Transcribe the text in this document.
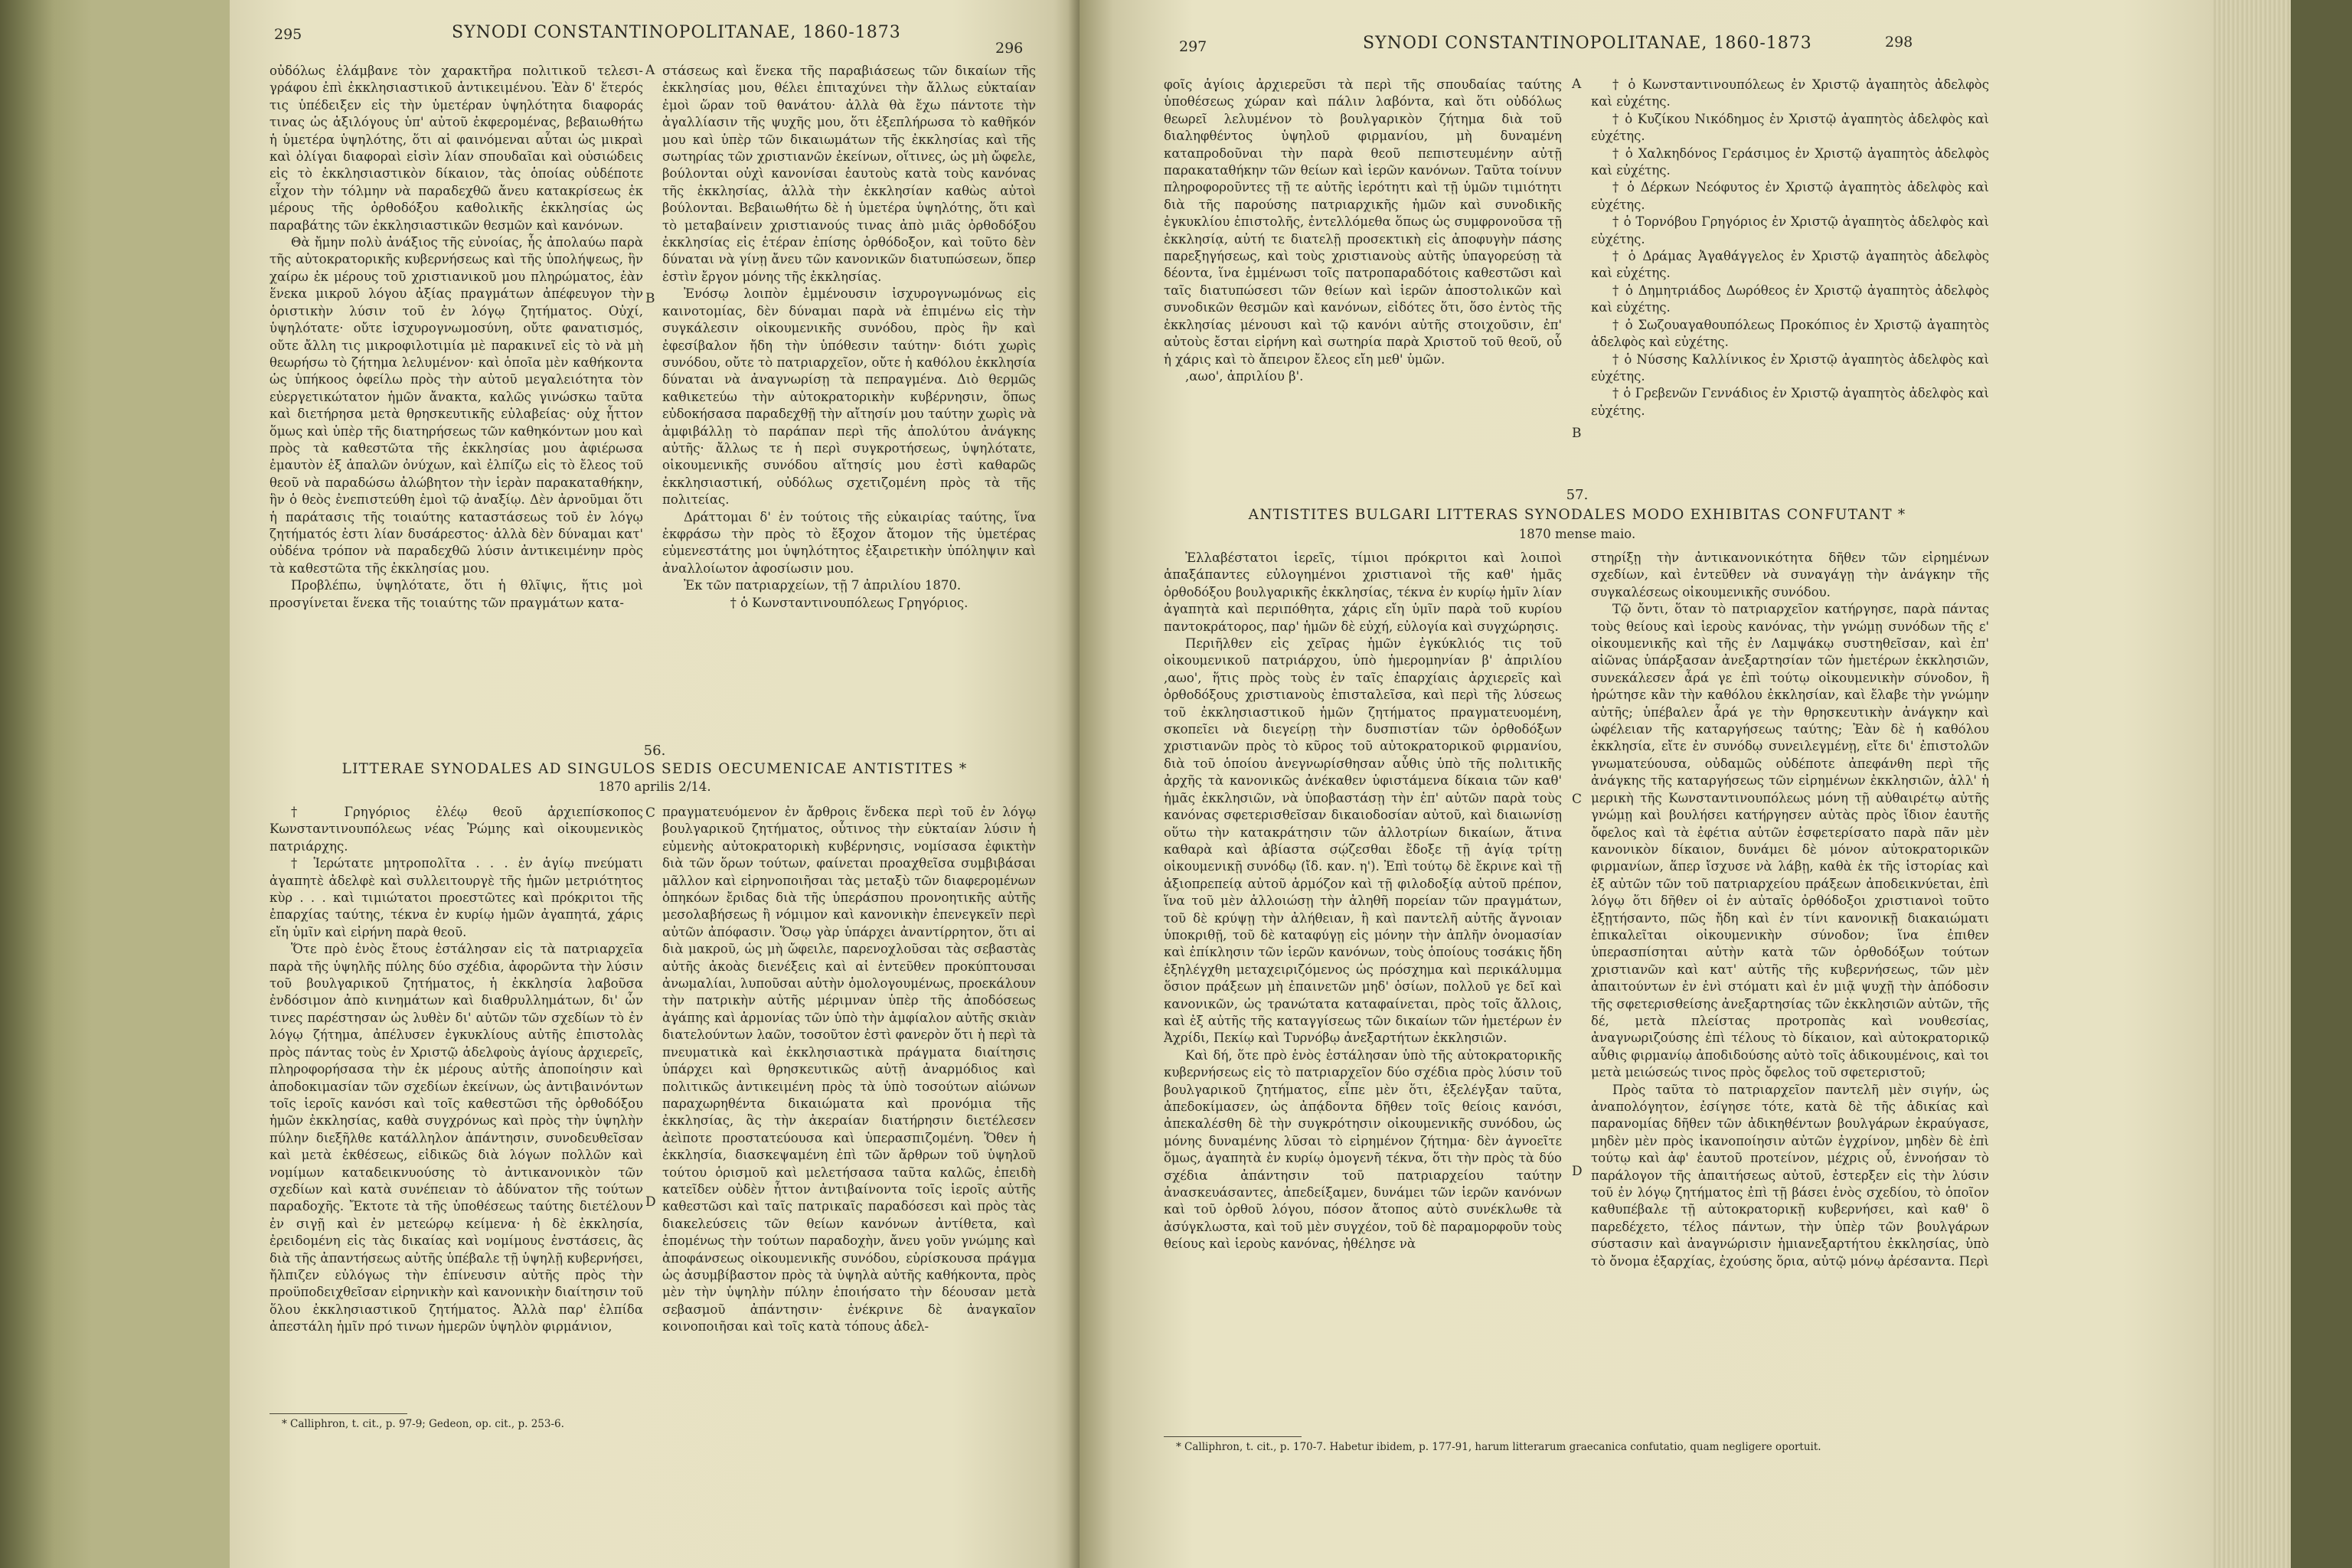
295	SYNODI CONSTANTINOPOLITANAE, 1860-1873
296

οὐδόλως ἐλάμβανε τὸν χαρακτῆρα πολιτικοῦ τελεσι-γράφου ἐπὶ ἐκκλησιαστικοῦ ἀντικειμένου. Ἐὰν δ' ἕτερός τις ὑπέδειξεν εἰς τὴν ὑμετέραν ὑψηλότητα διαφοράς τινας ὡς ἀξιλόγους ὑπ' αὐτοῦ ἐκφερομένας, βεβαιωθήτω ἡ ὑμετέρα ὑψηλότης, ὅτι αἱ φαινόμεναι αὗται ὡς μικραὶ καὶ ὀλίγαι διαφοραὶ εἰσὶν λίαν σπουδαῖαι καὶ οὐσιώδεις εἰς τὸ ἐκκλησιαστικὸν δίκαιον, τὰς ὁποίας οὐδέποτε εἶχον τὴν τόλμην νὰ παραδεχθῶ ἄνευ κατακρίσεως ἐκ μέρους τῆς ὀρθοδόξου καθολικῆς ἐκκλησίας ὡς παραβάτης τῶν ἐκκλησιαστικῶν θεσμῶν καὶ κανόνων.

Θὰ ἤμην πολὺ ἀνάξιος τῆς εὐνοίας, ἧς ἀπολαύω παρὰ τῆς αὐτοκρατορικῆς κυβερνήσεως καὶ τῆς ὑπολήψεως, ἣν χαίρω ἐκ μέρους τοῦ χριστιανικοῦ μου πληρώματος, ἐὰν ἕνεκα μικροῦ λόγου ἀξίας πραγμάτων ἀπέφευγον τὴν ὁριστικὴν λύσιν τοῦ ἐν λόγῳ ζητήματος. Οὐχί, ὑψηλότατε· οὔτε ἰσχυρογνωμοσύνη, οὔτε φανατισμός, οὔτε ἄλλη τις μικροφιλοτιμία μὲ παρακινεῖ εἰς τὸ νὰ μὴ θεωρήσω τὸ ζήτημα λελυμένον· καὶ ὁποῖα μὲν καθήκοντα ὡς ὑπήκοος ὀφείλω πρὸς τὴν αὐτοῦ μεγαλειότητα τὸν εὐεργετικώτατον ἡμῶν ἄνακτα, καλῶς γινώσκω ταῦτα καὶ διετήρησα μετὰ θρησκευτικῆς εὐλαβείας· οὐχ ἧττον ὅμως καὶ ὑπὲρ τῆς διατηρήσεως τῶν καθηκόντων μου καὶ πρὸς τὰ καθεστῶτα τῆς ἐκκλησίας μου ἀφιέρωσα ἐμαυτὸν ἐξ ἁπαλῶν ὀνύχων, καὶ ἐλπίζω εἰς τὸ ἔλεος τοῦ θεοῦ νὰ παραδώσω ἀλώβητον τὴν ἱερὰν παρακαταθήκην, ἣν ὁ θεὸς ἐνεπιστεύθη ἐμοὶ τῷ ἀναξίῳ. Δὲν ἀρνοῦμαι ὅτι ἡ παράτασις τῆς τοιαύτης καταστάσεως τοῦ ἐν λόγῳ ζητήματός ἐστι λίαν δυσάρεστος· ἀλλὰ δὲν δύναμαι κατ' οὐδένα τρόπον νὰ παραδεχθῶ λύσιν ἀντικειμένην πρὸς τὰ καθεστῶτα τῆς ἐκκλησίας μου.

Προβλέπω, ὑψηλότατε, ὅτι ἡ θλῖψις, ἥτις μοὶ προσγίνεται ἕνεκα τῆς τοιαύτης τῶν πραγμάτων κατα-

A
B

στάσεως καὶ ἕνεκα τῆς παραβιάσεως τῶν δικαίων τῆς ἐκκλησίας μου, θέλει ἐπιταχύνει τὴν ἄλλως εὐκταίαν ἐμοὶ ὥραν τοῦ θανάτου· ἀλλὰ θὰ ἔχω πάντοτε τὴν ἀγαλλίασιν τῆς ψυχῆς μου, ὅτι ἐξεπλήρωσα τὸ καθῆκόν μου καὶ ὑπὲρ τῶν δικαιωμάτων τῆς ἐκκλησίας καὶ τῆς σωτηρίας τῶν χριστιανῶν ἐκείνων, οἵτινες, ὡς μὴ ὤφελε, βούλονται οὐχὶ κανονίσαι ἑαυτοὺς κατὰ τοὺς κανόνας τῆς ἐκκλησίας, ἀλλὰ τὴν ἐκκλησίαν καθὼς αὐτοὶ βούλονται. Βεβαιωθήτω δὲ ἡ ὑμετέρα ὑψηλότης, ὅτι καὶ τὸ μεταβαίνειν χριστιανούς τινας ἀπὸ μιᾶς ὀρθοδόξου ἐκκλησίας εἰς ἑτέραν ἐπίσης ὀρθόδοξον, καὶ τοῦτο δὲν δύναται νὰ γίνῃ ἄνευ τῶν κανονικῶν διατυπώσεων, ὅπερ ἐστὶν ἔργον μόνης τῆς ἐκκλησίας.

Ἐνόσῳ λοιπὸν ἐμμένουσιν ἰσχυρογνωμόνως εἰς καινοτομίας, δὲν δύναμαι παρὰ νὰ ἐπιμένω εἰς τὴν συγκάλεσιν οἰκουμενικῆς συνόδου, πρὸς ἣν καὶ ἐφεσίβαλον ἤδη τὴν ὑπόθεσιν ταύτην· διότι χωρὶς συνόδου, οὔτε τὸ πατριαρχεῖον, οὔτε ἡ καθόλου ἐκκλησία δύναται νὰ ἀναγνωρίσῃ τὰ πεπραγμένα. Διὸ θερμῶς καθικετεύω τὴν αὐτοκρατορικὴν κυβέρνησιν, ὅπως εὐδοκήσασα παραδεχθῇ τὴν αἴτησίν μου ταύτην χωρὶς νὰ ἀμφιβάλλῃ τὸ παράπαν περὶ τῆς ἀπολύτου ἀνάγκης αὐτῆς· ἄλλως τε ἡ περὶ συγκροτήσεως, ὑψηλότατε, οἰκουμενικῆς συνόδου αἴτησίς μου ἐστὶ καθαρῶς ἐκκλησιαστική, οὐδόλως σχετιζομένη πρὸς τὰ τῆς πολιτείας.

Δράττομαι δ' ἐν τούτοις τῆς εὐκαιρίας ταύτης, ἵνα ἐκφράσω τὴν πρὸς τὸ ἔξοχον ἄτομον τῆς ὑμετέρας εὐμενεστάτης μοι ὑψηλότητος ἐξαιρετικὴν ὑπόληψιν καὶ ἀναλλοίωτον ἀφοσίωσιν μου.

Ἐκ τῶν πατριαρχείων, τῇ 7 ἀπριλίου 1870.

† ὁ Κωνσταντινουπόλεως Γρηγόριος.

56.
LITTERAE SYNODALES AD SINGULOS SEDIS OECUMENICAE ANTISTITES *
1870 aprilis 2/14.

† Γρηγόριος ἐλέῳ θεοῦ ἀρχιεπίσκοπος Κωνσταντινουπόλεως νέας Ῥώμης καὶ οἰκουμενικὸς πατριάρχης.

† Ἱερώτατε μητροπολῖτα . . . ἐν ἁγίῳ πνεύματι ἀγαπητὲ ἀδελφὲ καὶ συλλειτουργὲ τῆς ἡμῶν μετριότητος κὺρ . . . καὶ τιμιώτατοι προεστῶτες καὶ πρόκριτοι τῆς ἐπαρχίας ταύτης, τέκνα ἐν κυρίῳ ἡμῶν ἀγαπητά, χάρις εἴη ὑμῖν καὶ εἰρήνη παρὰ θεοῦ.

Ὅτε πρὸ ἑνὸς ἔτους ἐστάλησαν εἰς τὰ πατριαρχεῖα παρὰ τῆς ὑψηλῆς πύλης δύο σχέδια, ἀφορῶντα τὴν λύσιν τοῦ βουλγαρικοῦ ζητήματος, ἡ ἐκκλησία λαβοῦσα ἐνδόσιμον ἀπὸ κινημάτων καὶ διαθρυλλημάτων, δι' ὧν τινες παρέστησαν ὡς λυθὲν δι' αὐτῶν τῶν σχεδίων τὸ ἐν λόγῳ ζήτημα, ἀπέλυσεν ἐγκυκλίους αὐτῆς ἐπιστολὰς πρὸς πάντας τοὺς ἐν Χριστῷ ἀδελφοὺς ἁγίους ἀρχιερεῖς, πληροφορήσασα τὴν ἐκ μέρους αὐτῆς ἀποποίησιν καὶ ἀποδοκιμασίαν τῶν σχεδίων ἐκείνων, ὡς ἀντιβαινόντων τοῖς ἱεροῖς κανόσι καὶ τοῖς καθεστῶσι τῆς ὀρθοδόξου ἡμῶν ἐκκλησίας, καθὰ συγχρόνως καὶ πρὸς τὴν ὑψηλὴν πύλην διεξῆλθε κατάλληλον ἀπάντησιν, συνοδευθεῖσαν καὶ μετὰ ἐκθέσεως, εἰδικῶς διὰ λόγων πολλῶν καὶ νομίμων καταδεικνυούσης τὸ ἀντικανονικὸν τῶν σχεδίων καὶ κατὰ συνέπειαν τὸ ἀδύνατον τῆς τούτων παραδοχῆς. Ἔκτοτε τὰ τῆς ὑποθέσεως ταύτης διετέλουν ἐν σιγῇ καὶ ἐν μετεώρῳ κείμενα· ἡ δὲ ἐκκλησία, ἐρειδομένη εἰς τὰς δικαίας καὶ νομίμους ἐνστάσεις, ἃς διὰ τῆς ἀπαντήσεως αὐτῆς ὑπέβαλε τῇ ὑψηλῇ κυβερνήσει, ἤλπιζεν εὐλόγως τὴν ἐπίνευσιν αὐτῆς πρὸς τὴν προϋποδειχθεῖσαν εἰρηνικὴν καὶ κανονικὴν διαίτησιν τοῦ ὅλου ἐκκλησιαστικοῦ ζητήματος. Ἀλλὰ παρ' ἐλπίδα ἀπεστάλη ἡμῖν πρό τινων ἡμερῶν ὑψηλὸν φιρμάνιον,

C
D

πραγματευόμενον ἐν ἄρθροις ἕνδεκα περὶ τοῦ ἐν λόγῳ βουλγαρικοῦ ζητήματος, οὗτινος τὴν εὐκταίαν λύσιν ἡ εὐμενὴς αὐτοκρατορικὴ κυβέρνησις, νομίσασα ἐφικτὴν διὰ τῶν ὅρων τούτων, φαίνεται προαχθεῖσα συμβιβάσαι μᾶλλον καὶ εἰρηνοποιῆσαι τὰς μεταξὺ τῶν διαφερομένων ὁπηκόων ἔριδας διὰ τῆς ὑπεράσπου προνοητικῆς αὐτῆς μεσολαβήσεως ἢ νόμιμον καὶ κανονικὴν ἐπενεγκεῖν περὶ αὐτῶν ἀπόφασιν. Ὅσῳ γὰρ ὑπάρχει ἀναντίρρητον, ὅτι αἱ διὰ μακροῦ, ὡς μὴ ὤφειλε, παρενοχλοῦσαι τὰς σεβαστὰς αὐτῆς ἀκοὰς διενέξεις καὶ αἱ ἐντεῦθεν προκύπτουσαι ἀνωμαλίαι, λυποῦσαι αὐτὴν ὁμολογουμένως, προεκάλουν τὴν πατρικὴν αὐτῆς μέριμναν ὑπὲρ τῆς ἀποδόσεως ἀγάπης καὶ ἁρμονίας τῶν ὑπὸ τὴν ἀμφίαλον αὐτῆς σκιὰν διατελούντων λαῶν, τοσοῦτον ἐστὶ φανερὸν ὅτι ἡ περὶ τὰ πνευματικὰ καὶ ἐκκλησιαστικὰ πράγματα διαίτησις ὑπάρχει καὶ θρησκευτικῶς αὐτῇ ἀναρμόδιος καὶ πολιτικῶς ἀντικειμένη πρὸς τὰ ὑπὸ τοσούτων αἰώνων παραχωρηθέντα δικαιώματα καὶ προνόμια τῆς ἐκκλησίας, ἃς τὴν ἀκεραίαν διατήρησιν διετέλεσεν ἀεὶποτε προστατεύουσα καὶ ὑπερασπιζομένη. Ὅθεν ἡ ἐκκλησία, διασκεψαμένη ἐπὶ τῶν ἄρθρων τοῦ ὑψηλοῦ τούτου ὁρισμοῦ καὶ μελετήσασα ταῦτα καλῶς, ἐπειδὴ κατεῖδεν οὐδὲν ἧττον ἀντιβαίνοντα τοῖς ἱεροῖς αὐτῆς καθεστῶσι καὶ ταῖς πατρικαῖς παραδόσεσι καὶ πρὸς τὰς διακελεύσεις τῶν θείων κανόνων ἀντίθετα, καὶ ἑπομένως τὴν τούτων παραδοχὴν, ἄνευ γοῦν γνώμης καὶ ἀποφάνσεως οἰκουμενικῆς συνόδου, εὑρίσκουσα πράγμα ὡς ἀσυμβίβαστον πρὸς τὰ ὑψηλὰ αὐτῆς καθήκοντα, πρὸς μὲν τὴν ὑψηλὴν πύλην ἐποιήσατο τὴν δέουσαν μετὰ σεβασμοῦ ἀπάντησιν· ἐνέκρινε δὲ ἀναγκαῖον κοινοποιῆσαι καὶ τοῖς κατὰ τόπους ἀδελ-

* Calliphron, t. cit., p. 97-9; Gedeon, op. cit., p. 253-6.
297	SYNODI CONSTANTINOPOLITANAE, 1860-1873	298

φοῖς ἁγίοις ἀρχιερεῦσι τὰ περὶ τῆς σπουδαίας ταύτης ὑποθέσεως χώραν καὶ πάλιν λαβόντα, καὶ ὅτι οὐδόλως θεωρεῖ λελυμένον τὸ βουλγαρικὸν ζήτημα διὰ τοῦ διαληφθέντος ὑψηλοῦ φιρμανίου, μὴ δυναμένη καταπροδοῦναι τὴν παρὰ θεοῦ πεπιστευμένην αὐτῇ παρακαταθήκην τῶν θείων καὶ ἱερῶν κανόνων. Ταῦτα τοίνυν πληροφοροῦντες τῇ τε αὐτῆς ἱερότητι καὶ τῇ ὑμῶν τιμιότητι διὰ τῆς παρούσης πατριαρχικῆς ἡμῶν καὶ συνοδικῆς ἐγκυκλίου ἐπιστολῆς, ἐντελλόμεθα ὅπως ὡς συμφρονοῦσα τῇ ἐκκλησίᾳ, αὐτή τε διατελῇ προσεκτικὴ εἰς ἀποφυγὴν πάσης παρεξηγήσεως, καὶ τοὺς χριστιανοὺς αὐτῆς ὑπαγορεύσῃ τὰ δέοντα, ἵνα ἐμμένωσι τοῖς πατροπαραδότοις καθεστῶσι καὶ ταῖς διατυπώσεσι τῶν θείων καὶ ἱερῶν ἀποστολικῶν καὶ συνοδικῶν θεσμῶν καὶ κανόνων, εἰδότες ὅτι, ὅσο ἐντὸς τῆς ἐκκλησίας μένουσι καὶ τῷ κανόνι αὐτῆς στοιχοῦσιν, ἐπ' αὐτοὺς ἔσται εἰρήνη καὶ σωτηρία παρὰ Χριστοῦ τοῦ θεοῦ, οὗ ἡ χάρις καὶ τὸ ἄπειρον ἔλεος εἴη μεθ' ὑμῶν.

,αωο', ἀπριλίου β'.

A
B

† ὁ Κωνσταντινουπόλεως ἐν Χριστῷ ἀγαπητὸς ἀδελφὸς καὶ εὐχέτης.

† ὁ Κυζίκου Νικόδημος ἐν Χριστῷ ἀγαπητὸς ἀδελφὸς καὶ εὐχέτης.

† ὁ Χαλκηδόνος Γεράσιμος ἐν Χριστῷ ἀγαπητὸς ἀδελφὸς καὶ εὐχέτης.

† ὁ Δέρκων Νεόφυτος ἐν Χριστῷ ἀγαπητὸς ἀδελφὸς καὶ εὐχέτης.

† ὁ Τορνόβου Γρηγόριος ἐν Χριστῷ ἀγαπητὸς ἀδελφὸς καὶ εὐχέτης.

† ὁ Δράμας Ἀγαθάγγελος ἐν Χριστῷ ἀγαπητὸς ἀδελφὸς καὶ εὐχέτης.

† ὁ Δημητριάδος Δωρόθεος ἐν Χριστῷ ἀγαπητὸς ἀδελφὸς καὶ εὐχέτης.

† ὁ Σωζουαγαθουπόλεως Προκόπιος ἐν Χριστῷ ἀγαπητὸς ἀδελφὸς καὶ εὐχέτης.

† ὁ Νύσσης Καλλίνικος ἐν Χριστῷ ἀγαπητὸς ἀδελφὸς καὶ εὐχέτης.

† ὁ Γρεβενῶν Γεννάδιος ἐν Χριστῷ ἀγαπητὸς ἀδελφὸς καὶ εὐχέτης.

57.
ANTISTITES BULGARI LITTERAS SYNODALES MODO EXHIBITAS CONFUTANT *
1870 mense maio.

Ἐλλαβέστατοι ἱερεῖς, τίμιοι πρόκριτοι καὶ λοιποὶ ἁπαξάπαντες εὐλογημένοι χριστιανοὶ τῆς καθ' ἡμᾶς ὀρθοδόξου βουλγαρικῆς ἐκκλησίας, τέκνα ἐν κυρίῳ ἡμῖν λίαν ἀγαπητὰ καὶ περιπόθητα, χάρις εἴη ὑμῖν παρὰ τοῦ κυρίου παντοκράτορος, παρ' ἡμῶν δὲ εὐχή, εὐλογία καὶ συγχώρησις.

Περιῆλθεν εἰς χεῖρας ἡμῶν ἐγκύκλιός τις τοῦ οἰκουμενικοῦ πατριάρχου, ὑπὸ ἡμερομηνίαν β' ἀπριλίου ,αωο', ἥτις πρὸς τοὺς ἐν ταῖς ἐπαρχίαις ἀρχιερεῖς καὶ ὀρθοδόξους χριστιανοὺς ἐπισταλεῖσα, καὶ περὶ τῆς λύσεως τοῦ ἐκκλησιαστικοῦ ἡμῶν ζητήματος πραγματευομένη, σκοπεῖει νὰ διεγείρῃ τὴν δυσπιστίαν τῶν ὀρθοδόξων χριστιανῶν πρὸς τὸ κῦρος τοῦ αὐτοκρατορικοῦ φιρμανίου, διὰ τοῦ ὁποίου ἀνεγνωρίσθησαν αὖθις ὑπὸ τῆς πολιτικῆς ἀρχῆς τὰ κανονικῶς ἀνέκαθεν ὑφιστάμενα δίκαια τῶν καθ' ἡμᾶς ἐκκλησιῶν, νὰ ὑποβαστάσῃ τὴν ἐπ' αὐτῶν παρὰ τοὺς κανόνας σφετερισθεῖσαν δικαιοδοσίαν αὐτοῦ, καὶ διαιωνίσῃ οὕτω τὴν κατακράτησιν τῶν ἀλλοτρίων δικαίων, ἅτινα καθαρὰ καὶ ἀβίαστα σῴζεσθαι ἔδοξε τῇ ἁγίᾳ τρίτῃ οἰκουμενικῇ συνόδῳ (ἴδ. καν. η'). Ἐπὶ τούτῳ δὲ ἔκρινε καὶ τῇ ἀξιοπρεπείᾳ αὐτοῦ ἁρμόζον καὶ τῇ φιλοδοξίᾳ αὐτοῦ πρέπον, ἵνα τοῦ μὲν ἀλλοιώσῃ τὴν ἀληθῆ πορείαν τῶν πραγμάτων, τοῦ δὲ κρύψῃ τὴν ἀλήθειαν, ἢ καὶ παντελῆ αὐτῆς ἄγνοιαν ὑποκριθῇ, τοῦ δὲ καταφύγῃ εἰς μόνην τὴν ἀπλῆν ὀνομασίαν καὶ ἐπίκλησιν τῶν ἱερῶν κανόνων, τοὺς ὁποίους τοσάκις ἤδη ἐξηλέγχθη μεταχειριζόμενος ὡς πρόσχημα καὶ περικάλυμμα ὅσιον πράξεων μὴ ἐπαινετῶν μηδ' ὁσίων, πολλοῦ γε δεῖ καὶ κανονικῶν, ὡς τρανώτατα καταφαίνεται, πρὸς τοῖς ἄλλοις, καὶ ἐξ αὐτῆς τῆς καταγγίσεως τῶν δικαίων τῶν ἡμετέρων ἐν Ἀχρίδι, Πεκίῳ καὶ Τυρνόβῳ ἀνεξαρτήτων ἐκκλησιῶν.

Καὶ δή, ὅτε πρὸ ἑνὸς ἐστάλησαν ὑπὸ τῆς αὐτοκρατορικῆς κυβερνήσεως εἰς τὸ πατριαρχεῖον δύο σχέδια πρὸς λύσιν τοῦ βουλγαρικοῦ ζητήματος, εἶπε μὲν ὅτι, ἐξελέγξαν ταῦτα, ἀπεδοκίμασεν, ὡς ἀπᾴδοντα δῆθεν τοῖς θείοις κανόσι, ἀπεκαλέσθη δὲ τὴν συγκρότησιν οἰκουμενικῆς συνόδου, ὡς μόνης δυναμένης λῦσαι τὸ εἰρημένον ζήτημα· δὲν ἀγνοεῖτε ὅμως, ἀγαπητὰ ἐν κυρίῳ ὁμογενῆ τέκνα, ὅτι τὴν πρὸς τὰ δύο σχέδια ἀπάντησιν τοῦ πατριαρχείου ταύτην ἀνασκευάσαντες, ἀπεδείξαμεν, δυνάμει τῶν ἱερῶν κανόνων καὶ τοῦ ὀρθοῦ λόγου, πόσον ἄτοπος αὐτὸ συνέκλωθε τὰ ἀσύγκλωστα, καὶ τοῦ μὲν συγχέον, τοῦ δὲ παραμορφοῦν τοὺς θείους καὶ ἱεροὺς κανόνας, ἠθέλησε νὰ

C
D

στηρίξῃ τὴν ἀντικανονικότητα δῆθεν τῶν εἰρημένων σχεδίων, καὶ ἐντεῦθεν νὰ συναγάγῃ τὴν ἀνάγκην τῆς συγκαλέσεως οἰκουμενικῆς συνόδου.

Τῷ ὄντι, ὅταν τὸ πατριαρχεῖον κατήργησε, παρὰ πάντας τοὺς θείους καὶ ἱεροὺς κανόνας, τὴν γνώμῃ συνόδων τῆς ε' οἰκουμενικῆς καὶ τῆς ἐν Λαμψάκῳ συστηθεῖσαν, καὶ ἐπ' αἰῶνας ὑπάρξασαν ἀνεξαρτησίαν τῶν ἡμετέρων ἐκκλησιῶν, συνεκάλεσεν ἆρά γε ἐπὶ τούτῳ οἰκουμενικὴν σύνοδον, ἢ ἠρώτησε κἂν τὴν καθόλου ἐκκλησίαν, καὶ ἔλαβε τὴν γνώμην αὐτῆς; ὑπέβαλεν ἆρά γε τὴν θρησκευτικὴν ἀνάγκην καὶ ὠφέλειαν τῆς καταργήσεως ταύτης; Ἐὰν δὲ ἡ καθόλου ἐκκλησία, εἴτε ἐν συνόδῳ συνειλεγμένῃ, εἴτε δι' ἐπιστολῶν γνωματεύουσα, οὐδαμῶς οὐδέποτε ἀπεφάνθη περὶ τῆς ἀνάγκης τῆς καταργήσεως τῶν εἰρημένων ἐκκλησιῶν, ἀλλ' ἡ μερικὴ τῆς Κωνσταντινουπόλεως μόνη τῇ αὐθαιρέτῳ αὐτῆς γνώμῃ καὶ βουλήσει κατήργησεν αὐτὰς πρὸς ἴδιον ἑαυτῆς ὄφελος καὶ τὰ ἐφέτια αὐτῶν ἐσφετερίσατο παρὰ πᾶν μὲν κανονικὸν δίκαιον, δυνάμει δὲ μόνον αὐτοκρατορικῶν φιρμανίων, ἅπερ ἴσχυσε νὰ λάβῃ, καθὰ ἐκ τῆς ἱστορίας καὶ ἐξ αὐτῶν τῶν τοῦ πατριαρχείου πράξεων ἀποδεικνύεται, ἐπὶ λόγῳ ὅτι δῆθεν οἱ ἐν αὐταῖς ὀρθόδοξοι χριστιανοὶ τοῦτο ἐξῃτήσαντο, πῶς ἤδη καὶ ἐν τίνι κανονικῇ διακαιώματι ἐπικαλεῖται οἰκουμενικὴν σύνοδον; ἵνα ἐπιθεν ὑπερασπίσηται αὐτὴν κατὰ τῶν ὀρθοδόξων τούτων χριστιανῶν καὶ κατ' αὐτῆς τῆς κυβερνήσεως, τῶν μὲν ἀπαιτούντων ἐν ἑνὶ στόματι καὶ ἐν μιᾷ ψυχῇ τὴν ἀπόδοσιν τῆς σφετερισθείσης ἀνεξαρτησίας τῶν ἐκκλησιῶν αὐτῶν, τῆς δέ, μετὰ πλείστας προτροπὰς καὶ νουθεσίας, ἀναγνωριζούσης ἐπὶ τέλους τὸ δίκαιον, καὶ αὐτοκρατορικῷ αὖθις φιρμανίῳ ἀποδιδούσης αὐτὸ τοῖς ἀδικουμένοις, καὶ τοι μετὰ μειώσεώς τινος πρὸς ὄφελος τοῦ σφετεριστοῦ;

Πρὸς ταῦτα τὸ πατριαρχεῖον παντελῆ μὲν σιγήν, ὡς ἀναπολόγητον, ἐσίγησε τότε, κατὰ δὲ τῆς ἀδικίας καὶ παρανομίας δῆθεν τῶν ἀδικηθέντων βουλγάρων ἐκραύγασε, μηδὲν μὲν πρὸς ἱκανοποίησιν αὐτῶν ἐγχρίνον, μηδὲν δὲ ἐπὶ τούτῳ καὶ ἀφ' ἑαυτοῦ προτείνον, μέχρις οὗ, ἐννοήσαν τὸ παράλογον τῆς ἀπαιτήσεως αὐτοῦ, ἐστερξεν εἰς τὴν λύσιν τοῦ ἐν λόγῳ ζητήματος ἐπὶ τῇ βάσει ἑνὸς σχεδίου, τὸ ὁποῖον καθυπέβαλε τῇ αὐτοκρατορικῇ κυβερνήσει, καὶ καθ' ὃ παρεδέχετο, τέλος πάντων, τὴν ὑπὲρ τῶν βουλγάρων σύστασιν καὶ ἀναγνώρισιν ἡμιανεξαρτήτου ἐκκλησίας, ὑπὸ τὸ ὄνομα ἐξαρχίας, ἐχούσης ὅρια, αὐτῷ μόνῳ ἀρέσαντα. Περὶ

* Calliphron, t. cit., p. 170-7. Habetur ibidem, p. 177-91, harum litterarum graecanica confutatio, quam negligere oportuit.
